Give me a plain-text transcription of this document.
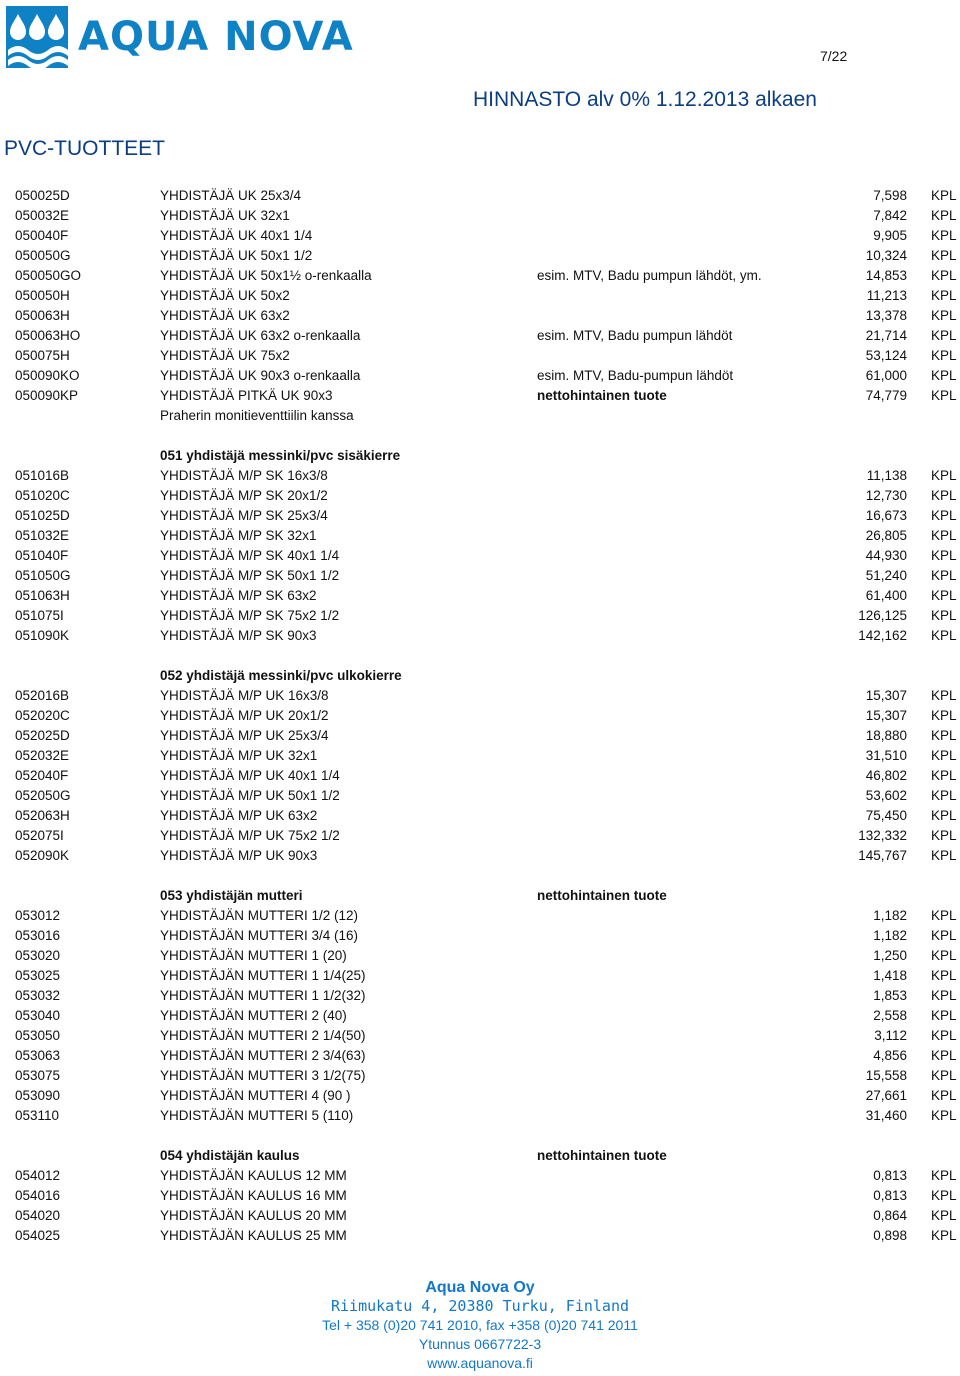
AQUA NOVA	7/22
HINNASTO alv 0% 1.12.2013 alkaen
PVC-TUOTTEET
050025D	YHDISTÄJÄ UK 25x3/4	7,598 KPL
050032E	YHDISTÄJÄ UK 32x1	7,842 KPL
050040F	YHDISTÄJÄ UK 40x1 1/4	9,905 KPL
050050G	YHDISTÄJÄ UK 50x1 1/2	10,324 KPL
050050GO	YHDISTÄJÄ UK 50x1½ o-renkaalla	esim. MTV, Badu pumpun lähdöt, ym.	14,853 KPL
050050H	YHDISTÄJÄ UK 50x2	11,213 KPL
050063H	YHDISTÄJÄ UK 63x2	13,378 KPL
050063HO	YHDISTÄJÄ UK 63x2 o-renkaalla	esim. MTV, Badu pumpun lähdöt	21,714 KPL
050075H	YHDISTÄJÄ UK 75x2	53,124 KPL
050090KO	YHDISTÄJÄ UK 90x3 o-renkaalla	esim. MTV, Badu-pumpun lähdöt	61,000 KPL
050090KP	YHDISTÄJÄ PITKÄ UK 90x3	nettohintainen tuote	74,779 KPL
Praherin monitieventtiilin kanssa
051 yhdistäjä messinki/pvc sisäkierre
051016B	YHDISTÄJÄ M/P SK 16x3/8	11,138 KPL
051020C	YHDISTÄJÄ M/P SK 20x1/2	12,730 KPL
051025D	YHDISTÄJÄ M/P SK 25x3/4	16,673 KPL
051032E	YHDISTÄJÄ M/P SK 32x1	26,805 KPL
051040F	YHDISTÄJÄ M/P SK 40x1 1/4	44,930 KPL
051050G	YHDISTÄJÄ M/P SK 50x1 1/2	51,240 KPL
051063H	YHDISTÄJÄ M/P SK 63x2	61,400 KPL
051075I	YHDISTÄJÄ M/P SK 75x2 1/2	126,125 KPL
051090K	YHDISTÄJÄ M/P SK 90x3	142,162 KPL
052 yhdistäjä messinki/pvc ulkokierre
052016B	YHDISTÄJÄ M/P UK 16x3/8	15,307 KPL
052020C	YHDISTÄJÄ M/P UK 20x1/2	15,307 KPL
052025D	YHDISTÄJÄ M/P UK 25x3/4	18,880 KPL
052032E	YHDISTÄJÄ M/P UK 32x1	31,510 KPL
052040F	YHDISTÄJÄ M/P UK 40x1 1/4	46,802 KPL
052050G	YHDISTÄJÄ M/P UK 50x1 1/2	53,602 KPL
052063H	YHDISTÄJÄ M/P UK 63x2	75,450 KPL
052075I	YHDISTÄJÄ M/P UK 75x2 1/2	132,332 KPL
052090K	YHDISTÄJÄ M/P UK 90x3	145,767 KPL
053 yhdistäjän mutteri	nettohintainen tuote
053012	YHDISTÄJÄN MUTTERI 1/2 (12)	1,182 KPL
053016	YHDISTÄJÄN MUTTERI 3/4 (16)	1,182 KPL
053020	YHDISTÄJÄN MUTTERI 1 (20)	1,250 KPL
053025	YHDISTÄJÄN MUTTERI 1 1/4(25)	1,418 KPL
053032	YHDISTÄJÄN MUTTERI 1 1/2(32)	1,853 KPL
053040	YHDISTÄJÄN MUTTERI 2 (40)	2,558 KPL
053050	YHDISTÄJÄN MUTTERI 2 1/4(50)	3,112 KPL
053063	YHDISTÄJÄN MUTTERI 2 3/4(63)	4,856 KPL
053075	YHDISTÄJÄN MUTTERI 3 1/2(75)	15,558 KPL
053090	YHDISTÄJÄN MUTTERI 4 (90 )	27,661 KPL
053110	YHDISTÄJÄN MUTTERI 5 (110)	31,460 KPL
054 yhdistäjän kaulus	nettohintainen tuote
054012	YHDISTÄJÄN KAULUS 12 MM	0,813 KPL
054016	YHDISTÄJÄN KAULUS 16 MM	0,813 KPL
054020	YHDISTÄJÄN KAULUS 20 MM	0,864 KPL
054025	YHDISTÄJÄN KAULUS 25 MM	0,898 KPL
Aqua Nova Oy
Riimukatu 4, 20380 Turku, Finland
Tel + 358 (0)20 741 2010, fax +358 (0)20 741 2011
Ytunnus 0667722-3
www.aquanova.fi
